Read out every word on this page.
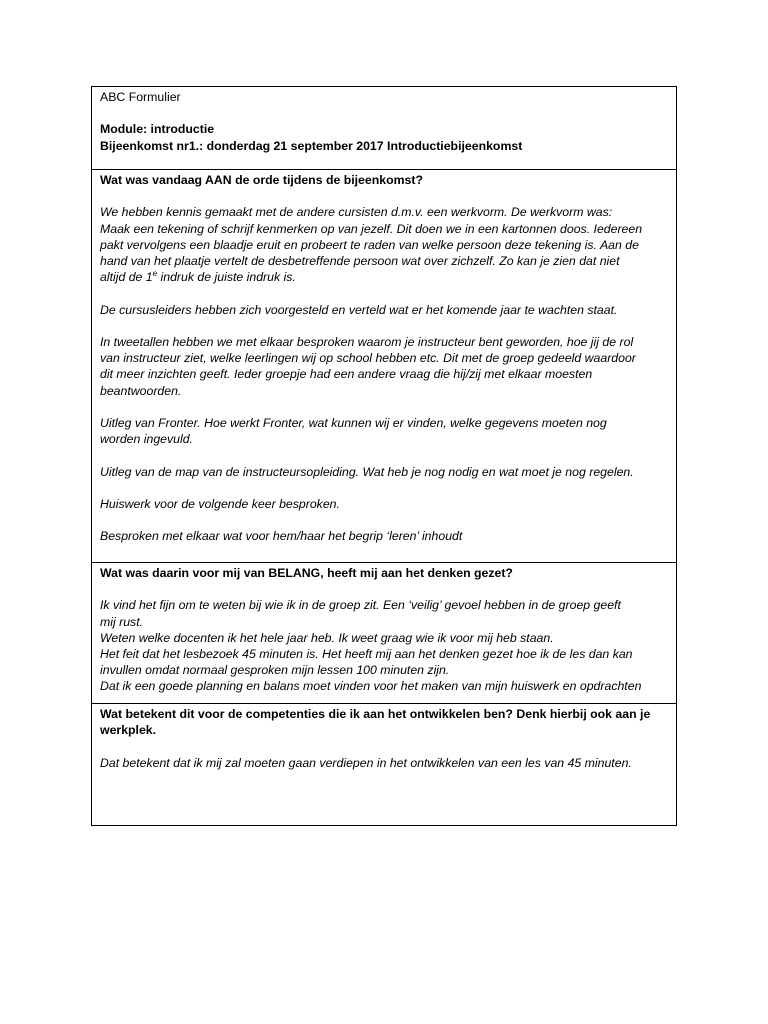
ABC Formulier

Module: introductie

Bijeenkomst nr1.: donderdag 21 september 2017 Introductiebijeenkomst

Wat was vandaag AAN de orde tijdens de bijeenkomst?

We hebben kennis gemaakt met de andere cursisten d.m.v. een werkvorm. De werkvorm was:

Maak een tekening of schrijf kenmerken op van jezelf. Dit doen we in een kartonnen doos. Iedereen

pakt vervolgens een blaadje eruit en probeert te raden van welke persoon deze tekening is. Aan de

hand van het plaatje vertelt de desbetreffende persoon wat over zichzelf. Zo kan je zien dat niet

altijd de 1e indruk de juiste indruk is.

De cursusleiders hebben zich voorgesteld en verteld wat er het komende jaar te wachten staat.

In tweetallen hebben we met elkaar besproken waarom je instructeur bent geworden, hoe jij de rol

van instructeur ziet, welke leerlingen wij op school hebben etc. Dit met de groep gedeeld waardoor

dit meer inzichten geeft. Ieder groepje had een andere vraag die hij/zij met elkaar moesten

beantwoorden.

Uitleg van Fronter. Hoe werkt Fronter, wat kunnen wij er vinden, welke gegevens moeten nog

worden ingevuld.

Uitleg van de map van de instructeursopleiding. Wat heb je nog nodig en wat moet je nog regelen.

Huiswerk voor de volgende keer besproken.

Besproken met elkaar wat voor hem/haar het begrip ‘leren’ inhoudt

Wat was daarin voor mij van BELANG, heeft mij aan het denken gezet?

Ik vind het fijn om te weten bij wie ik in de groep zit. Een ‘veilig’ gevoel hebben in de groep geeft

mij rust.

Weten welke docenten ik het hele jaar heb. Ik weet graag wie ik voor mij heb staan.

Het feit dat het lesbezoek 45 minuten is. Het heeft mij aan het denken gezet hoe ik de les dan kan

invullen omdat normaal gesproken mijn lessen 100 minuten zijn.

Dat ik een goede planning en balans moet vinden voor het maken van mijn huiswerk en opdrachten

Wat betekent dit voor de competenties die ik aan het ontwikkelen ben? Denk hierbij ook aan je

werkplek.

Dat betekent dat ik mij zal moeten gaan verdiepen in het ontwikkelen van een les van 45 minuten.
